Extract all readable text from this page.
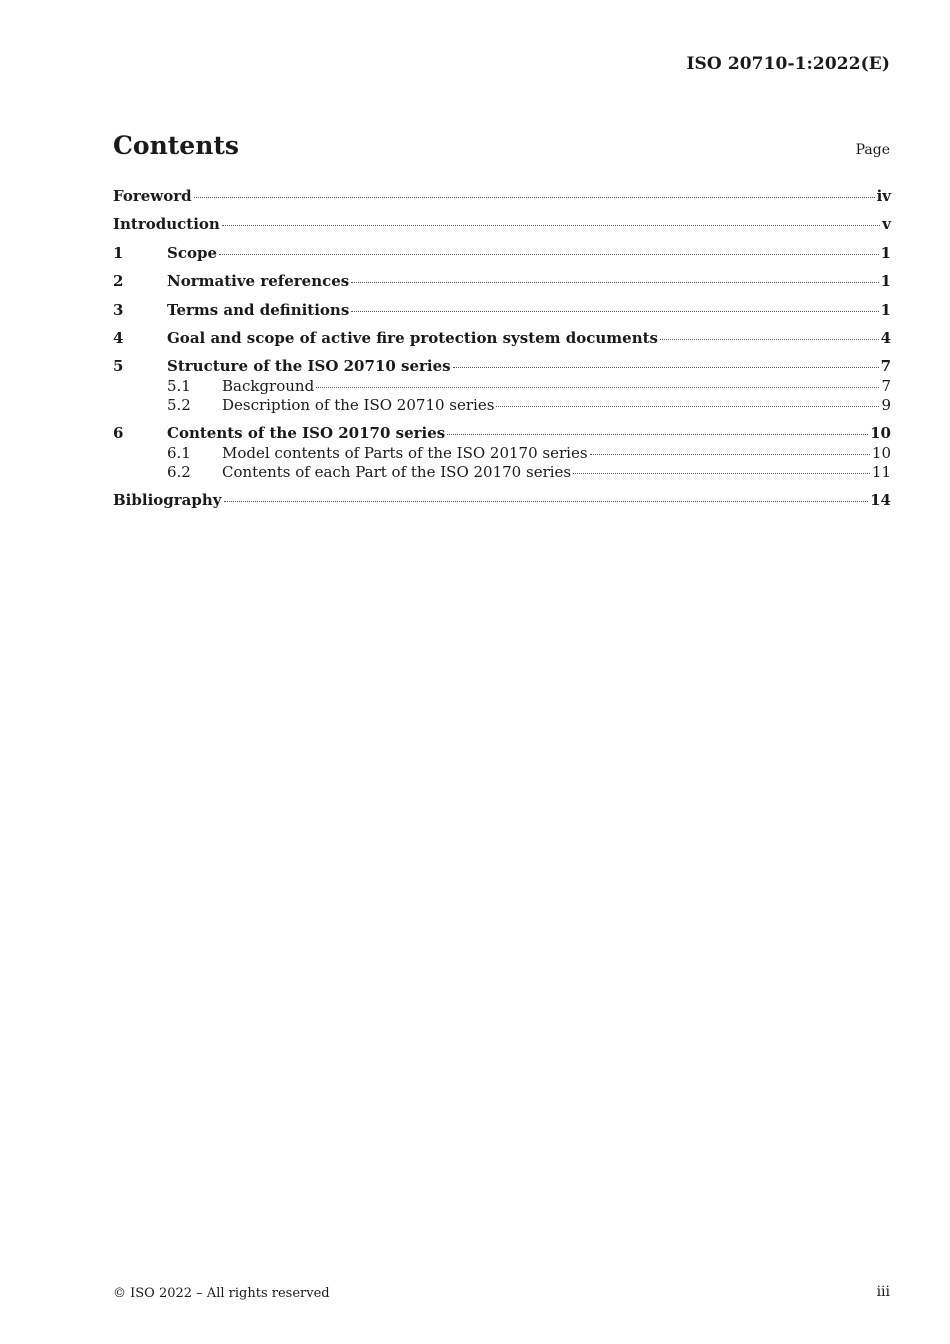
ISO 20710-1:2022(E)
Contents	Page
Foreword	iv
Introduction	v
1	Scope	1
2	Normative references	1
3	Terms and definitions	1
4	Goal and scope of active fire protection system documents	4
5	Structure of the ISO 20710 series	7
5.1	Background	7
5.2	Description of the ISO 20710 series	9
6	Contents of the ISO 20170 series	10
6.1	Model contents of Parts of the ISO 20170 series	10
6.2	Contents of each Part of the ISO 20170 series	11
Bibliography	14
© ISO 2022 – All rights reserved	iii
